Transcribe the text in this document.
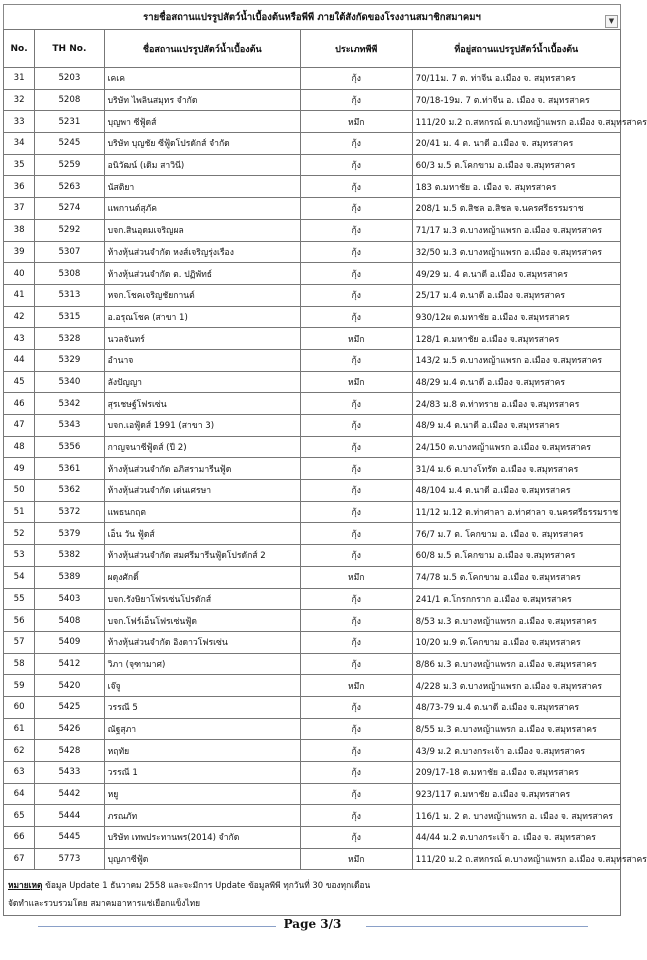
รายชื่อสถานแปรรูปสัตว์น้ำเบื้องต้นหรือพีพี ภายใต้สังกัดของโรงงานสมาชิกสมาคมฯ	▼
No.	TH No.	ชื่อสถานแปรรูปสัตว์น้ำเบื้องต้น	ประเภทพีพี	ที่อยู่สถานแปรรูปสัตว์น้ำเบื้องต้น
31	5203	เคเค	กุ้ง	70/11ม. 7 ต. ท่าจีน อ.เมือง จ. สมุทรสาคร
32	5208	บริษัท ไพลินสมุทร จำกัด	กุ้ง	70/18-19ม. 7 ต.ท่าจีน อ. เมือง จ. สมุทรสาคร
33	5231	บุญพา ซีฟู้ดส์	หมึก	111/20 ม.2 ถ.สหกรณ์ ต.บางหญ้าแพรก อ.เมือง จ.สมุทรสาคร
34	5245	บริษัท บุญชัย ซีฟู้ดโปรดักส์ จำกัด	กุ้ง	20/41 ม. 4 ต. นาดี อ.เมือง จ. สมุทรสาคร
35	5259	อนิวัฒน์ (เดิม สาวินี)	กุ้ง	60/3 ม.5 ต.โคกขาม อ.เมือง จ.สมุทรสาคร
36	5263	นัสติยา	กุ้ง	183 ต.มหาชัย อ. เมือง จ. สมุทรสาคร
37	5274	แพกานต์สุภัค	กุ้ง	208/1 ม.5 ต.สิชล อ.สิชล จ.นครศรีธรรมราช
38	5292	บจก.สินอุดมเจริญผล	กุ้ง	71/17 ม.3 ต.บางหญ้าแพรก อ.เมือง จ.สมุทรสาคร
39	5307	ห้างหุ้นส่วนจำกัด หงส์เจริญรุ่งเรือง	กุ้ง	32/50 ม.3 ต.บางหญ้าแพรก อ.เมือง จ.สมุทรสาคร
40	5308	ห้างหุ้นส่วนจำกัด ต. ปฏิพัทธ์	กุ้ง	49/29 ม. 4 ต.นาดี อ.เมือง จ.สมุทรสาคร
41	5313	หจก.โชคเจริญชัยกานต์	กุ้ง	25/17 ม.4 ต.นาดี อ.เมือง จ.สมุทรสาคร
42	5315	อ.อรุณโชค (สาขา 1)	กุ้ง	930/12ผ ต.มหาชัย อ.เมือง จ.สมุทรสาคร
43	5328	นวลจันทร์	หมึก	128/1 ต.มหาชัย อ.เมือง จ.สมุทรสาคร
44	5329	อำนาจ	กุ้ง	143/2 ม.5 ต.บางหญ้าแพรก อ.เมือง จ.สมุทรสาคร
45	5340	ลังปัญญา	หมึก	48/29 ม.4 ต.นาดี อ.เมือง จ.สมุทรสาคร
46	5342	สุรเชษฐ์โฟรเซ่น	กุ้ง	24/83 ม.8 ต.ท่าทราย อ.เมือง จ.สมุทรสาคร
47	5343	บจก.เอฟู้ดส์ 1991 (สาขา 3)	กุ้ง	48/9 ม.4 ต.นาดี อ.เมือง จ.สมุทรสาคร
48	5356	กาญจนาซีฟู้ดส์ (ปี 2)	กุ้ง	24/150 ต.บางหญ้าแพรก อ.เมือง จ.สมุทรสาคร
49	5361	ห้างหุ้นส่วนจำกัด อภิสรามารีนฟู้ด	กุ้ง	31/4 ม.6 ต.บางโทรัด อ.เมือง จ.สมุทรสาคร
50	5362	ห้างหุ้นส่วนจำกัด เด่นเศรษา	กุ้ง	48/104 ม.4 ต.นาดี อ.เมือง จ.สมุทรสาคร
51	5372	แพธนกฤต	กุ้ง	11/12 ม.12 ต.ท่าศาลา อ.ท่าศาลา จ.นครศรีธรรมราช
52	5379	เอ็น วัน ฟู้ดส์	กุ้ง	76/7 ม.7 ต. โคกขาม อ. เมือง จ. สมุทรสาคร
53	5382	ห้างหุ้นส่วนจำกัด สมศรีมารีนฟู้ดโปรดักส์ 2	กุ้ง	60/8 ม.5 ต.โคกขาม อ.เมือง จ.สมุทรสาคร
54	5389	ผดุงศักดิ์	หมึก	74/78 ม.5 ต.โคกขาม อ.เมือง จ.สมุทรสาคร
55	5403	บจก.รังษิยาโฟรเซ่นโปรดักส์	กุ้ง	241/1 ต.โกรกกราก อ.เมือง จ.สมุทรสาคร
56	5408	บจก.โฟร์เอ็นโฟรเซ่นฟู้ด	กุ้ง	8/53 ม.3 ต.บางหญ้าแพรก อ.เมือง จ.สมุทรสาคร
57	5409	ห้างหุ้นส่วนจำกัด อิงดาวโฟรเซ่น	กุ้ง	10/20 ม.9 ต.โคกขาม อ.เมือง จ.สมุทรสาคร
58	5412	วิภา (จุฑามาศ)	กุ้ง	8/86 ม.3 ต.บางหญ้าแพรก อ.เมือง จ.สมุทรสาคร
59	5420	เจ๊จู	หมึก	4/228 ม.3 ต.บางหญ้าแพรก อ.เมือง จ.สมุทรสาคร
60	5425	วรรณี 5	กุ้ง	48/73-79 ม.4 ต.นาดี อ.เมือง จ.สมุทรสาคร
61	5426	ณัฐสุภา	กุ้ง	8/55 ม.3 ต.บางหญ้าแพรก อ.เมือง จ.สมุทรสาคร
62	5428	หฤทัย	กุ้ง	43/9 ม.2 ต.บางกระเจ้า อ.เมือง จ.สมุทรสาคร
63	5433	วรรณี 1	กุ้ง	209/17-18 ต.มหาชัย อ.เมือง จ.สมุทรสาคร
64	5442	หยู	กุ้ง	923/117 ต.มหาชัย อ.เมือง จ.สมุทรสาคร
65	5444	ภรณภัท	กุ้ง	116/1 ม. 2 ต. บางหญ้าแพรก อ. เมือง จ. สมุทรสาคร
66	5445	บริษัท เทพประทานพร(2014) จำกัด	กุ้ง	44/44 ม.2 ต.บางกระเจ้า อ. เมือง จ. สมุทรสาคร
67	5773	บุญภาซีฟู้ด	หมึก	111/20 ม.2 ถ.สหกรณ์ ต.บางหญ้าแพรก อ.เมือง จ.สมุทรสาคร
หมายเหตุ ข้อมูล Update 1 ธันวาคม 2558 และจะมีการ Update ข้อมูลพีพี ทุกวันที่ 30 ของทุกเดือน
จัดทำและรวบรวมโดย สมาคมอาหารแช่เยือกแข็งไทย
Page 3/3
